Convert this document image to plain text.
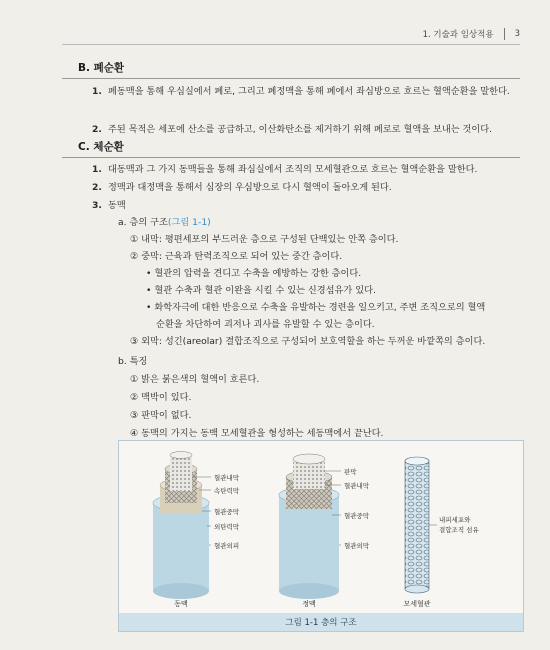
1. 기술과 임상적용 3
B. 폐순환
1. 폐동맥을 통해 우심실에서 폐로, 그리고 폐정맥을 통해 폐에서 좌심방으로 흐르는 혈액순환을 말한다.
2. 주된 목적은 세포에 산소를 공급하고, 이산화탄소를 제거하기 위해 폐로로 혈액을 보내는 것이다.
C. 체순환
1. 대동맥과 그 가지 동맥들을 통해 좌심실에서 조직의 모세혈관으로 흐르는 혈액순환을 말한다.
2. 정맥과 대정맥을 통해서 심장의 우심방으로 다시 혈액이 돌아오게 된다.
3. 동맥
a. 층의 구조(그림 1-1)
① 내막: 평편세포의 부드러운 층으로 구성된 단백있는 안쪽 층이다.
② 중막: 근육과 탄력조직으로 되어 있는 중간 층이다.
• 혈관의 압력을 견디고 수축을 예방하는 강한 층이다.
• 혈관 수축과 혈관 이완을 시킬 수 있는 신경섬유가 있다.
• 화학자극에 대한 반응으로 수축을 유발하는 경련을 일으키고, 주변 조직으로의 혈액
순환을 차단하여 괴저나 괴사를 유발할 수 있는 층이다.
③ 외막: 성긴(areolar) 결합조직으로 구성되어 보호역할을 하는 두꺼운 바깥쪽의 층이다.
b. 특징
① 밝은 붉은색의 혈액이 흐른다.
② 맥박이 있다.
③ 판막이 없다.
④ 동맥의 가지는 동백 모세혈관을 형성하는 세동맥에서 끝난다.
혈관내막
속탄력막
혈관중막
외탄력막
혈관외피
판막
혈관내막
혈관중막
혈관외막
내피세포와
결합조직 섬유
동맥	정맥	모세혈관
그림 1-1 층의 구조
